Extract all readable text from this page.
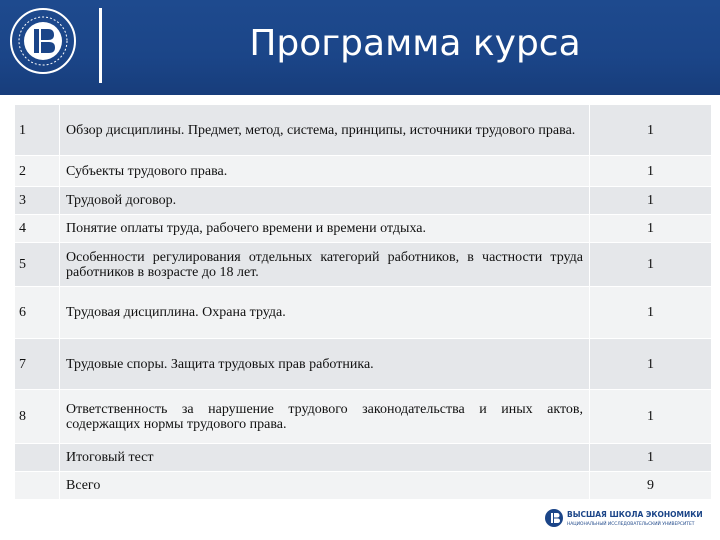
Программа курса
1	Обзор дисциплины. Предмет, метод, система, принципы, источники трудового права.	1
2	Субъекты трудового права.	1
3	Трудовой договор.	1
4	Понятие оплаты труда, рабочего времени и времени отдыха.	1
5	Особенности регулирования отдельных категорий работников, в частности труда работников в возрасте до 18 лет.	1
6	Трудовая дисциплина. Охрана труда.	1
7	Трудовые споры. Защита трудовых прав работника.	1
8	Ответственность за нарушение трудового законодательства и иных актов, содержащих нормы трудового права.	1
	Итоговый тест	1
	Всего	9
ВЫСШАЯ ШКОЛА ЭКОНОМИКИ
НАЦИОНАЛЬНЫЙ ИССЛЕДОВАТЕЛЬСКИЙ УНИВЕРСИТЕТ
